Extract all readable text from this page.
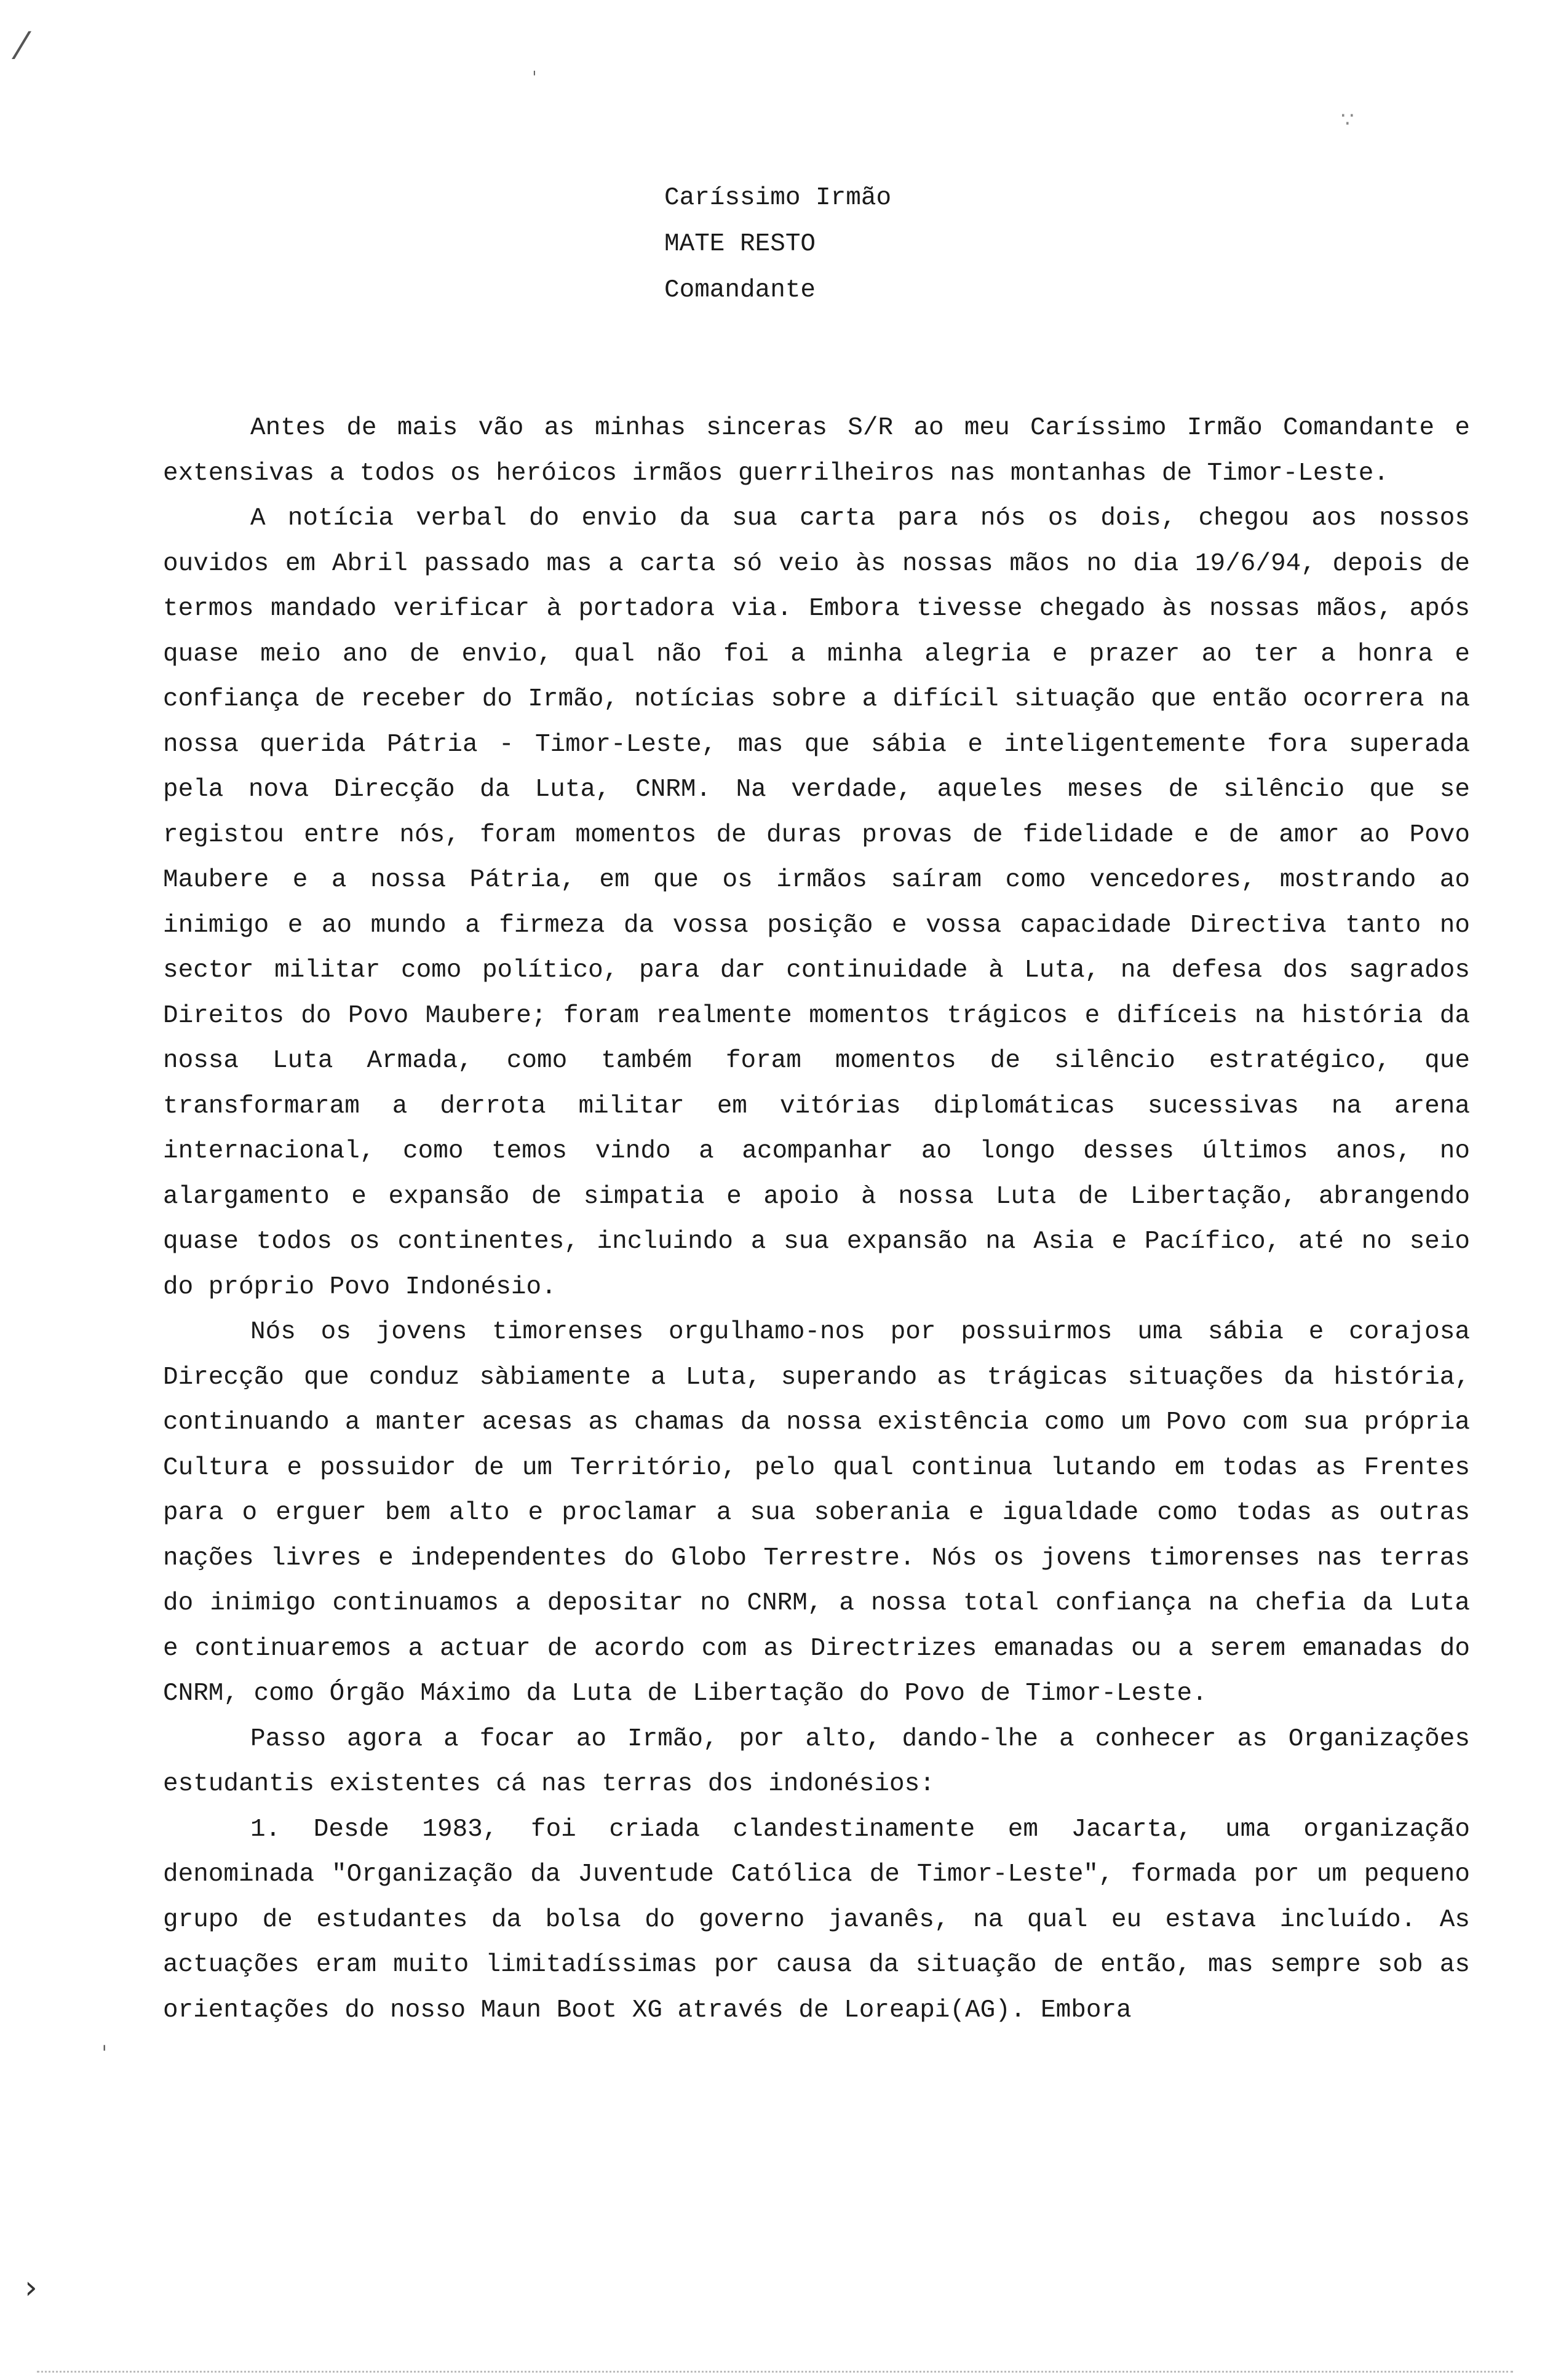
⁄
∵
ˈ
ˈ
›
Caríssimo Irmão
MATE RESTO
Comandante

Antes de mais vão as minhas sinceras S/R ao meu Caríssimo Irmão Comandante e extensivas a todos os heróicos irmãos guerrilheiros nas montanhas de Timor-Leste.

A notícia verbal do envio da sua carta para nós os dois, chegou aos nossos ouvidos em Abril passado mas a carta só veio às nossas mãos no dia 19/6/94, depois de termos mandado verificar à portadora via. Embora tivesse chegado às nossas mãos, após quase meio ano de envio, qual não foi a minha alegria e prazer ao ter a honra e confiança de receber do Irmão, notícias sobre a difícil situação que então ocorrera na nossa querida Pátria - Timor-Leste, mas que sábia e inteligentemente fora superada pela nova Direcção da Luta, CNRM. Na verdade, aqueles meses de silêncio que se registou entre nós, foram momentos de duras provas de fidelidade e de amor ao Povo Maubere e a nossa Pátria, em que os irmãos saíram como vencedores, mostrando ao inimigo e ao mundo a firmeza da vossa posição e vossa capacidade Directiva tanto no sector militar como político, para dar continuidade à Luta, na defesa dos sagrados Direitos do Povo Maubere; foram realmente momentos trágicos e difíceis na história da nossa Luta Armada, como também foram momentos de silêncio estratégico, que transformaram a derrota militar em vitórias diplomáticas sucessivas na arena internacional, como temos vindo a acompanhar ao longo desses últimos anos, no alargamento e expansão de simpatia e apoio à nossa Luta de Libertação, abrangendo quase todos os continentes, incluindo a sua expansão na Asia e Pacífico, até no seio do próprio Povo Indonésio.

Nós os jovens timorenses orgulhamo-nos por possuirmos uma sábia e corajosa Direcção que conduz sàbiamente a Luta, superando as trágicas situações da história, continuando a manter acesas as chamas da nossa existência como um Povo com sua própria Cultura e possuidor de um Território, pelo qual continua lutando em todas as Frentes para o erguer bem alto e proclamar a sua soberania e igualdade como todas as outras nações livres e independentes do Globo Terrestre. Nós os jovens timorenses nas terras do inimigo continuamos a depositar no CNRM, a nossa total confiança na chefia da Luta e continuaremos a actuar de acordo com as Directrizes emanadas ou a serem emanadas do CNRM, como Órgão Máximo da Luta de Libertação do Povo de Timor-Leste.

Passo agora a focar ao Irmão, por alto, dando-lhe a conhecer as Organizações estudantis existentes cá nas terras dos indonésios:

1. Desde 1983, foi criada clandestinamente em Jacarta, uma organização denominada "Organização da Juventude Católica de Timor-Leste", formada por um pequeno grupo de estudantes da bolsa do governo javanês, na qual eu estava incluído. As actuações eram muito limitadíssimas por causa da situação de então, mas sempre sob as orientações do nosso Maun Boot XG através de Loreapi(AG). Embora
